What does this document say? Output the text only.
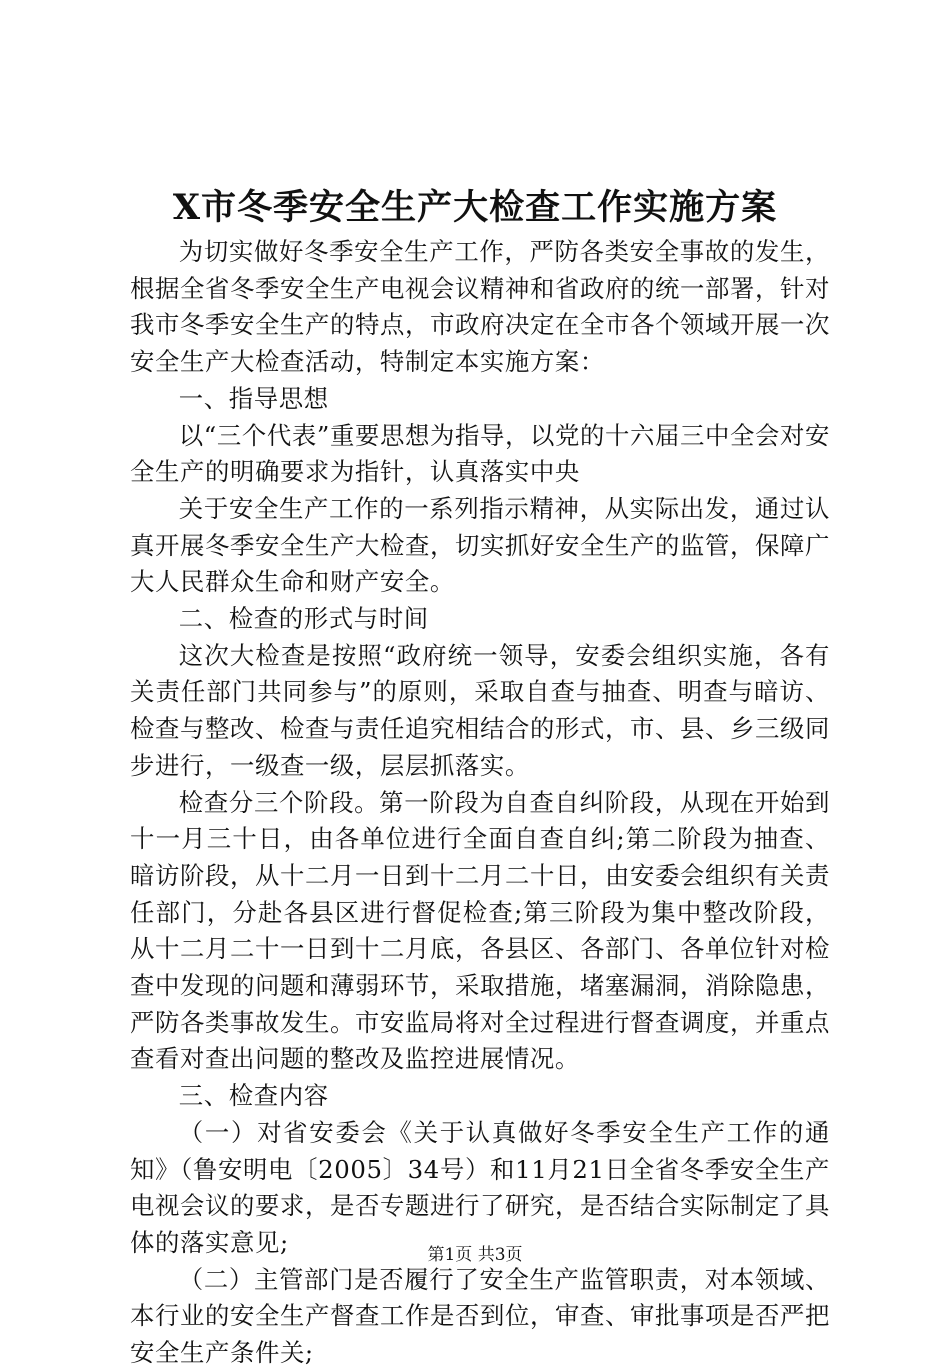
X市冬季安全生产大检查工作实施方案

为切实做好冬季安全生产工作，严防各类安全事故的发生，根据全省冬季安全生产电视会议精神和省政府的统一部署，针对我市冬季安全生产的特点，市政府决定在全市各个领域开展一次安全生产大检查活动，特制定本实施方案：

一、指导思想

以“三个代表”重要思想为指导，以党的十六届三中全会对安全生产的明确要求为指针，认真落实中央

关于安全生产工作的一系列指示精神，从实际出发，通过认真开展冬季安全生产大检查，切实抓好安全生产的监管，保障广大人民群众生命和财产安全。

二、检查的形式与时间

这次大检查是按照“政府统一领导，安委会组织实施，各有关责任部门共同参与”的原则，采取自查与抽查、明查与暗访、检查与整改、检查与责任追究相结合的形式，市、县、乡三级同步进行，一级查一级，层层抓落实。

检查分三个阶段。第一阶段为自查自纠阶段，从现在开始到十一月三十日，由各单位进行全面自查自纠;第二阶段为抽查、暗访阶段，从十二月一日到十二月二十日，由安委会组织有关责任部门，分赴各县区进行督促检查;第三阶段为集中整改阶段，从十二月二十一日到十二月底，各县区、各部门、各单位针对检查中发现的问题和薄弱环节，采取措施，堵塞漏洞，消除隐患，严防各类事故发生。市安监局将对全过程进行督查调度，并重点查看对查出问题的整改及监控进展情况。

三、检查内容

（一）对省安委会《关于认真做好冬季安全生产工作的通知》（鲁安明电〔2005〕34号）和11月21日全省冬季安全生产电视会议的要求，是否专题进行了研究，是否结合实际制定了具体的落实意见;

（二）主管部门是否履行了安全生产监管职责，对本领域、本行业的安全生产督查工作是否到位，审查、审批事项是否严把安全生产条件关;

第1页 共3页
